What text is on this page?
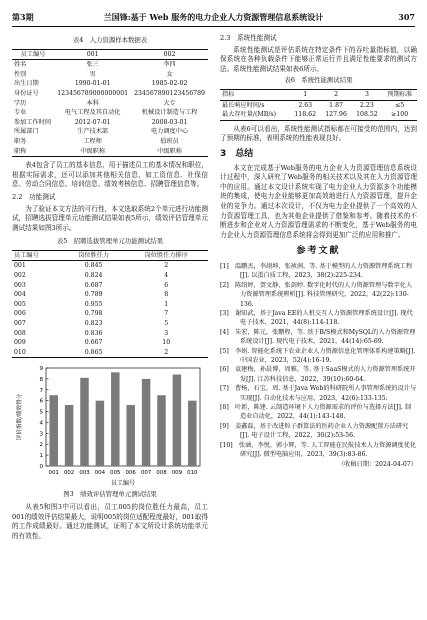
第3期	兰国锋:基于 Web 服务的电力企业人力资源管理信息系统设计	307
表4　人力资源样本数据表
员工编号	001	002
姓名	张三	李四
性别	男	女
出生日期	1990-01-01	1985-02-02
身份证号	123456789000000001	234567890123456789
学历	本科	大专
专业	电气工程及其自动化	机械设计制造与工程
参加工作时间	2012-07-01	2008-03-01
所属部门	生产技术部	电力调度中心
职务	工程师	值班员
职称	中级职称	中级职称

表4包含了员工的基本信息，用于描述员工的基本情况和职位，根据实际需求，还可以添加其他相关信息，如工资信息、社保信息、劳动合同信息、培训信息、绩效考核信息、招聘管理信息等。

2.2　功能测试

为了验证本文方法的可行性，本文选取系统2个单元进行功能测试，招聘选拔管理单元功能测试结果如表5所示，绩效评估管理单元测试结果如图3所示。

表5　招聘选拔管理单元功能测试结果
员工编号	岗位胜任力	岗位胜任力排序
001	0.845	2
002	0.824	4
003	0.687	6
004	0.789	8
005	0.955	1
006	0.798	7
007	0.823	5
008	0.836	3
009	0.667	10
010	0.865	2
0
1
2
3
4
5
6
7
8
9
001 002 003 004 005 006 007 008 009 010
员工编号
评价指数/绩效得分
图3　绩效评估管理单元测试结果

从表5和图3中可以看出，员工005的岗位胜任力最高，员工001的绩效评估结果最大，说明005的岗位适配程度最好，001取得的工作成绩最好。通过功能测试，证明了本文所设计系统功能单元的有效性。

2.3　系统性能测试

系统性能测试是评估系统在特定条件下的吞吐量指标值，以确保系统在各种负载条件下能够正常运行并且满足性能要求的测试方法。系统性能测试结果如表6所示。

表6　系统性能测试结果
指标	1	2	3	预期标准
最长响应时间/s	2.63	1.87	2.23	≤5
最大存吐量/(MB/s)	118.62	127.96	108.52	≥100

从表6可以看出，系统性能测试指标都在可接受的范围内，达到了预期的标准，表明系统的性能表现良好。

3　总结

本文在完成基于Web服务的电力企业人力资源管理信息系统设计过程中，深入研究了Web服务的相关技术以及其在人力资源管理中的应用。通过本文设计系统实现了电力企业人力资源多个功能模块的集成，使电力企业能够更加高效地进行人力资源管理，提升企业的竞争力。通过本次设计，不仅为电力企业提供了一个高效的人力资源管理工具，也为其他企业提供了借鉴和参考。随着技术的不断进步和企业对人力资源管理需求的不断变化，基于Web服务的电力企业人力资源管理信息系统将会得到更加广泛的应用和推广。

参考文献

[1]　温鹏杰，李翊坤，张祯润，等. 基于模型的人力资源管理系统工程[J]. 以蛋白质工程，2023，38(2):225-234.

[2]　陈绍婷，贺文静，张剑婷. 数字化时代的人力资源管理与数字化人力资源管理系统辨析[J]. 科技管理研究，2022，42(22):130-136.

[3]　谢知武，基于Java EE的人机交互人力资源管理系统设计[J]. 现代电子技术，2021，44(8):114-118.

[4]　朱宏，陈元，张鹏程，等. 基于B/S模式和MySQL的人力资源管理系统设计[J]. 现代电子技术，2021，44(14):65-69.

[5]　李娟. 智能化系统下农业企业人力资源信息化管理体系构建策略[J]. 中国农业，2023，52(4):16-19.

[6]　袁建梅，孙晨博，周雅，等. 基于SaaS模式的人力资源管理系统开发[J]. 江苏科技信息，2022，39(10):60-64.

[7]　曹杨，石宝，周. 基于Java Web的科研院所人事管理系统的设计与实现[J]. 自动化技术与应用，2023，42(6):133-135.

[8]　叶新，陈建. 云制造环境下人力资源需求的评价与选择方法[J]. 制造业自动化，2022，44(1):143-148.

[9]　姜鑫磊，基于改进粒子群算法的医药企业人力资源配置方法研究[J]. 电子设计工程，2022，30(2):53-56.

[10]　张涵，李悦，郭小辉，等. 人工智能在民航技术人力资源调度优化研究[J]. 微型电脑应用，2023，39(3):83-86.

（收稿日期：2024-04-07）
